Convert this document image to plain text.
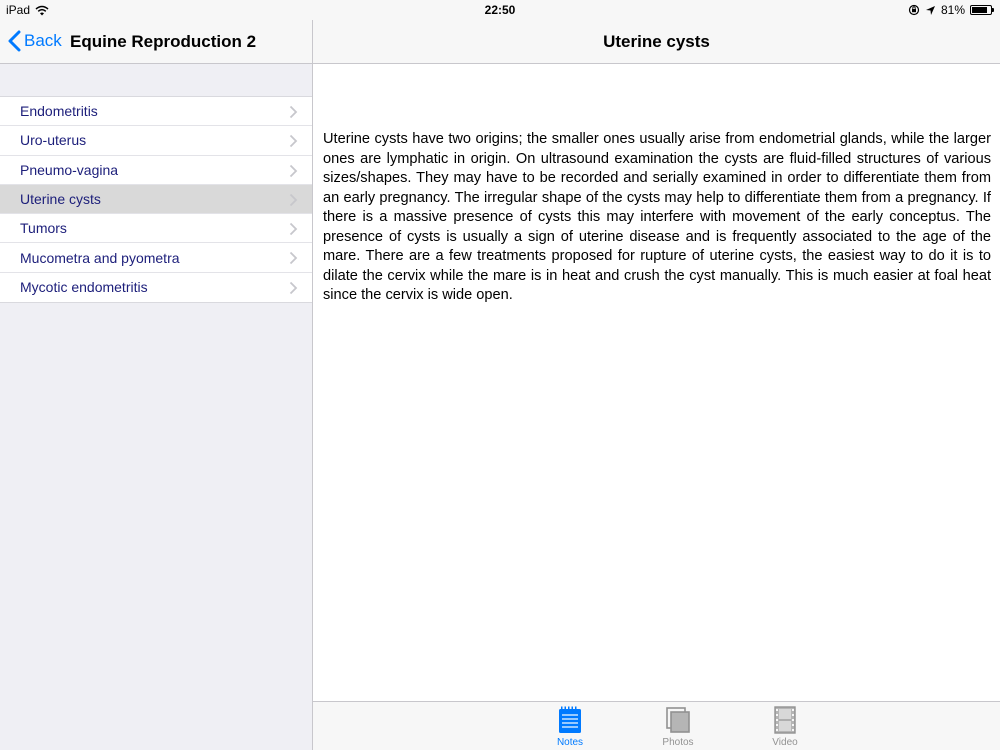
Back Equine Reproduction 2
Endometritis
Uro-uterus
Pneumo-vagina
Uterine cysts
Tumors
Mucometra and pyometra
Mycotic endometritis
22:50
iPad	81%
Uterine cysts

Uterine cysts have two origins; the smaller ones usually arise from endometrial glands, while the larger ones are lymphatic in origin. On ultrasound examination the cysts are fluid-filled structures of various sizes/shapes. They may have to be recorded and serially examined in order to differentiate them from an early pregnancy. The irregular shape of the cysts may help to differentiate them from a pregnancy. If there is a massive presence of cysts this may interfere with movement of the early conceptus. The presence of cysts is usually a sign of uterine disease and is frequently associated to the age of the mare. There are a few treatments proposed for rupture of uterine cysts, the easiest way to do it is to dilate the cervix while the mare is in heat and crush the cyst manually. This is much easier at foal heat since the cervix is wide open.

Notes	Photos	Video
